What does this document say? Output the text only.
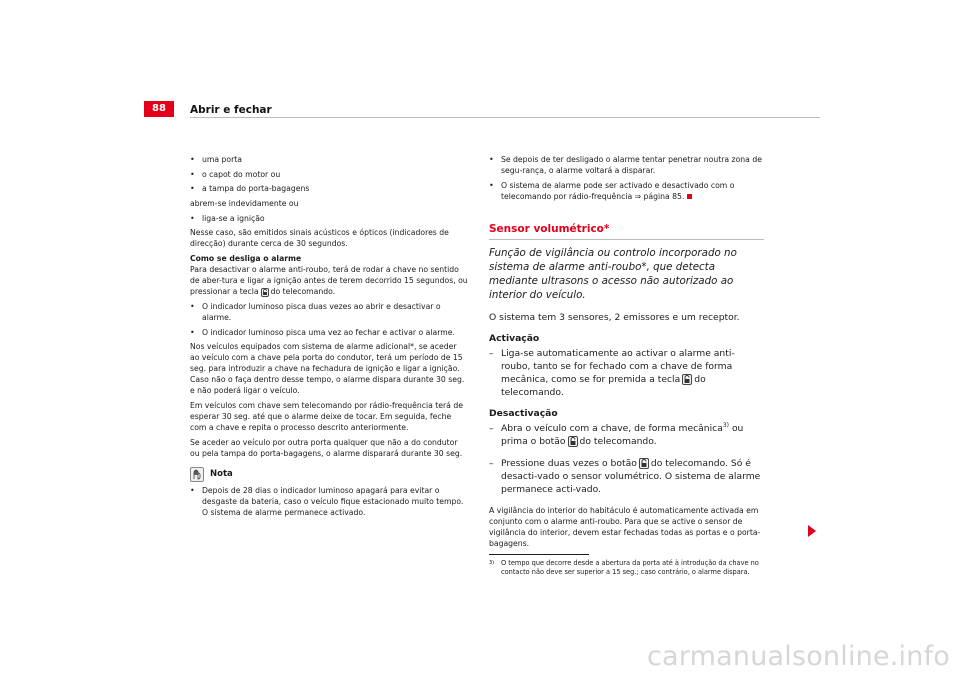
88	Abrir e fechar
• uma porta
• o capot do motor ou
• a tampa do porta-bagagens

abrem-se indevidamente ou

• liga-se a ignição

Nesse caso, são emitidos sinais acústicos e ópticos (indicadores de direcção) durante cerca de 30 segundos.

Como se desliga o alarme

Para desactivar o alarme anti-roubo, terá de rodar a chave no sentido de aber-tura e ligar a ignição antes de terem decorrido 15 segundos, ou pressionar a tecla do telecomando.

• O indicador luminoso pisca duas vezes ao abrir e desactivar o alarme.
• O indicador luminoso pisca uma vez ao fechar e activar o alarme.

Nos veículos equipados com sistema de alarme adicional*, se aceder ao veículo com a chave pela porta do condutor, terá um período de 15 seg. para introduzir a chave na fechadura de ignição e ligar a ignição. Caso não o faça dentro desse tempo, o alarme dispara durante 30 seg. e não poderá ligar o veículo.

Em veículos com chave sem telecomando por rádio-frequência terá de esperar 30 seg. até que o alarme deixe de tocar. Em seguida, feche com a chave e repita o processo descrito anteriormente.

Se aceder ao veículo por outra porta qualquer que não a do condutor ou pela tampa do porta-bagagens, o alarme disparará durante 30 seg.

Nota
• Depois de 28 dias o indicador luminoso apagará para evitar o desgaste da bateria, caso o veículo fique estacionado muito tempo. O sistema de alarme permanece activado.
• Se depois de ter desligado o alarme tentar penetrar noutra zona de segu-rança, o alarme voltará a disparar.
• O sistema de alarme pode ser activado e desactivado com o telecomando por rádio-frequência ⇒ página 85.
Sensor volumétrico*
Função de vigilância ou controlo incorporado no sistema de alarme anti-roubo*, que detecta mediante ultrasons o acesso não autorizado ao interior do veículo.
O sistema tem 3 sensores, 2 emissores e um receptor.
Activação
– Liga-se automaticamente ao activar o alarme anti-roubo, tanto se for fechado com a chave de forma mecânica, como se for premida a tecla do telecomando.
Desactivação
– Abra o veículo com a chave, de forma mecânica$^{3)}$ ou prima o botão do telecomando.
– Pressione duas vezes o botão do telecomando. Só é desacti-vado o sensor volumétrico. O sistema de alarme permanece acti-vado.
A vigilância do interior do habitáculo é automaticamente activada em conjunto com o alarme anti-roubo. Para que se active o sensor de vigilância do interior, devem estar fechadas todas as portas e o porta-bagagens.
3)	O tempo que decorre desde a abertura da porta até à introdução da chave no contacto não deve ser superior a 15 seg.; caso contrário, o alarme dispara.
carmanualsonline.info
